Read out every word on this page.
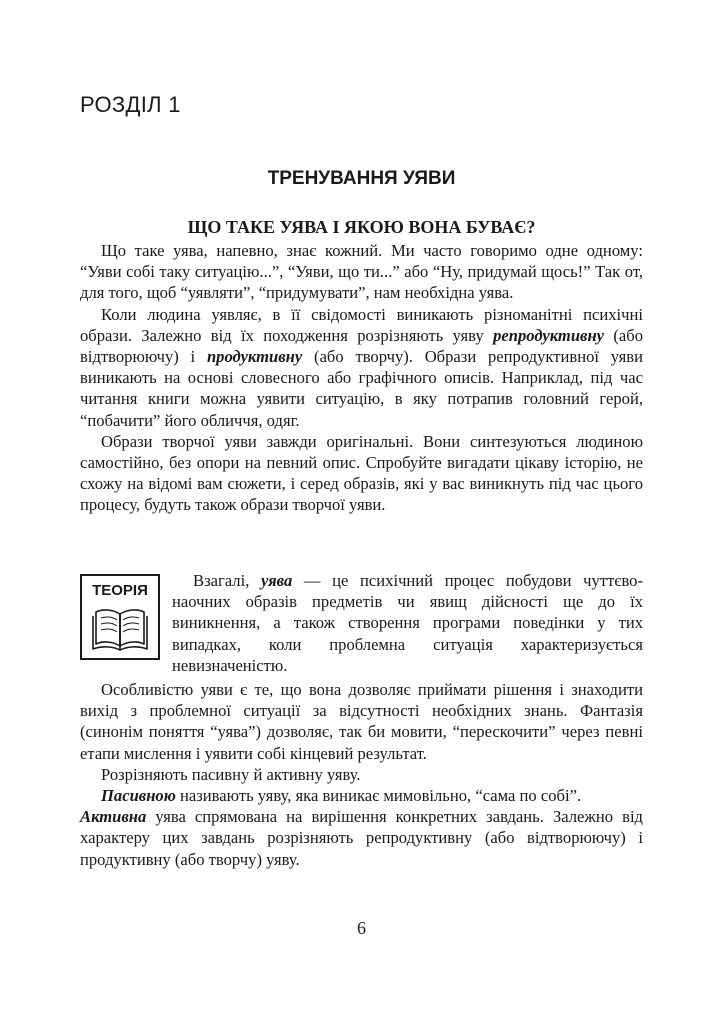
РОЗДІЛ 1
ТРЕНУВАННЯ УЯВИ
ЩО ТАКЕ УЯВА І ЯКОЮ ВОНА БУВАЄ?

Що таке уява, напевно, знає кожний. Ми часто говоримо одне одному: “Уяви собі таку ситуацію...”, “Уяви, що ти...” або “Ну, придумай щось!” Так от, для того, щоб “уявляти”, “придумувати”, нам необхідна уява.

Коли людина уявляє, в її свідомості виникають різноманітні психічні образи. Залежно від їх походження розрізняють уяву репродуктивну (або відтворюючу) і продуктивну (або творчу). Образи репродуктивної уяви виникають на основі словесного або графічного описів. Наприклад, під час читання книги можна уявити ситуацію, в яку потрапив головний герой, “побачити” його обличчя, одяг.

Образи творчої уяви завжди оригінальні. Вони синтезуються людиною самостійно, без опори на певний опис. Спробуйте вигадати цікаву історію, не схожу на відомі вам сюжети, і серед образів, які у вас виникнуть під час цього процесу, будуть також образи творчої уяви.

ТЕОРІЯ

Взагалі, уява — це психічний процес побудови чуттєво-наочних образів предметів чи явищ дійсності ще до їх виникнення, а також створення програми поведінки у тих випадках, коли проблемна ситуація характеризується невизначеністю.

Особливістю уяви є те, що вона дозволяє приймати рішення і знаходити вихід з проблемної ситуації за відсутності необхідних знань. Фантазія (синонім поняття “уява”) дозволяє, так би мовити, “перескочити” через певні етапи мислення і уявити собі кінцевий результат.

Розрізняють пасивну й активну уяву.

Пасивною називають уяву, яка виникає мимовільно, “сама по собі”.

Активна уява спрямована на вирішення конкретних завдань. Залежно від характеру цих завдань розрізняють репродуктивну (або відтворюючу) і продуктивну (або творчу) уяву.

6
